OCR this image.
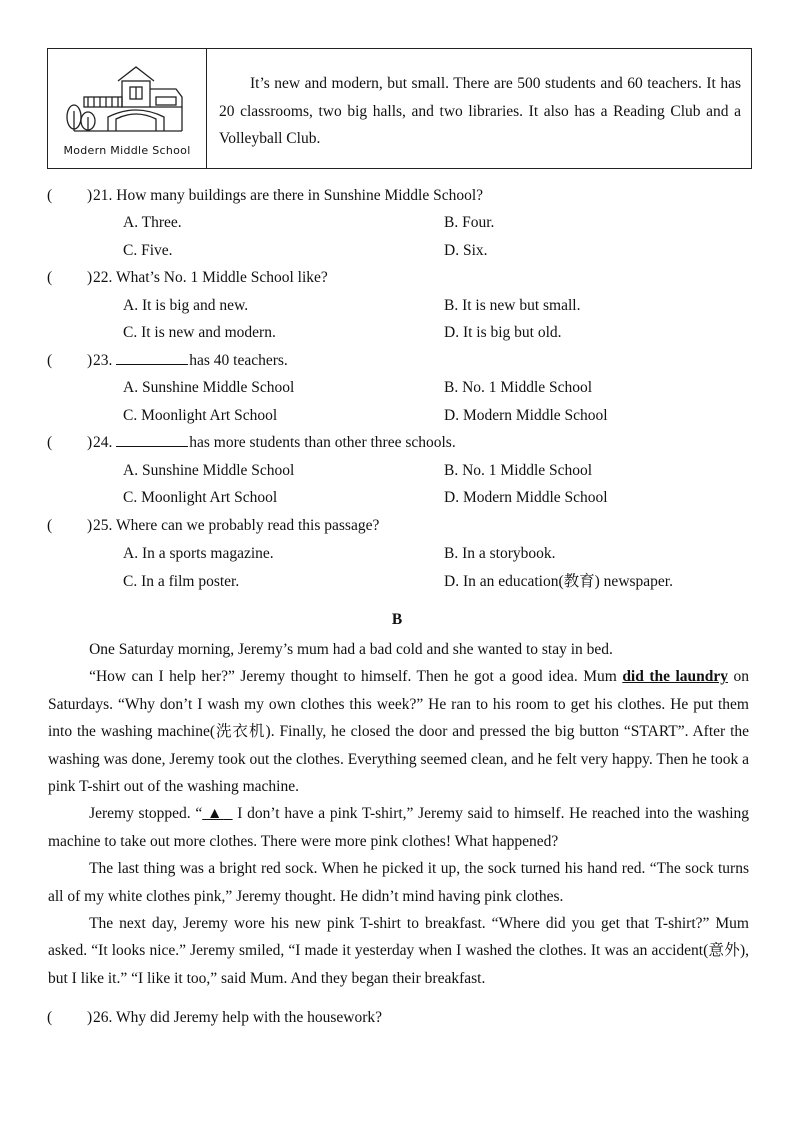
Modern Middle School
It’s new and modern, but small. There are 500 students and 60 teachers. It has 20 classrooms, two big halls, and two libraries. It also has a Reading Club and a Volleyball Club.
( ) 21. How many buildings are there in Sunshine Middle School?
A. Three.	B. Four.
C. Five.	D. Six.
( ) 22. What’s No. 1 Middle School like?
A. It is big and new.	B. It is new but small.
C. It is new and modern.	D. It is big but old.
( ) 23.	has 40 teachers.
A. Sunshine Middle School	B. No. 1 Middle School
C. Moonlight Art School	D. Modern Middle School
( ) 24.	has more students than other three schools.
A. Sunshine Middle School	B. No. 1 Middle School
C. Moonlight Art School	D. Modern Middle School
( ) 25. Where can we probably read this passage?
A. In a sports magazine.	B. In a storybook.
C. In a film poster.	D. In an education(教育) newspaper.
B

One Saturday morning, Jeremy’s mum had a bad cold and she wanted to stay in bed.

“How can I help her?” Jeremy thought to himself. Then he got a good idea. Mum did the laundry on Saturdays. “Why don’t I wash my own clothes this week?” He ran to his room to get his clothes. He put them into the washing machine(洗衣机). Finally, he closed the door and pressed the big button “START”. After the washing was done, Jeremy took out the clothes. Everything seemed clean, and he felt very happy. Then he took a pink T-shirt out of the washing machine.

Jeremy stopped. “ ▲   I don’t have a pink T-shirt,” Jeremy said to himself. He reached into the washing machine to take out more clothes. There were more pink clothes! What happened?

The last thing was a bright red sock. When he picked it up, the sock turned his hand red. “The sock turns all of my white clothes pink,” Jeremy thought. He didn’t mind having pink clothes.

The next day, Jeremy wore his new pink T-shirt to breakfast. “Where did you get that T-shirt?” Mum asked. “It looks nice.” Jeremy smiled, “I made it yesterday when I washed the clothes. It was an accident(意外), but I like it.” “I like it too,” said Mum. And they began their breakfast.

( ) 26. Why did Jeremy help with the housework?
